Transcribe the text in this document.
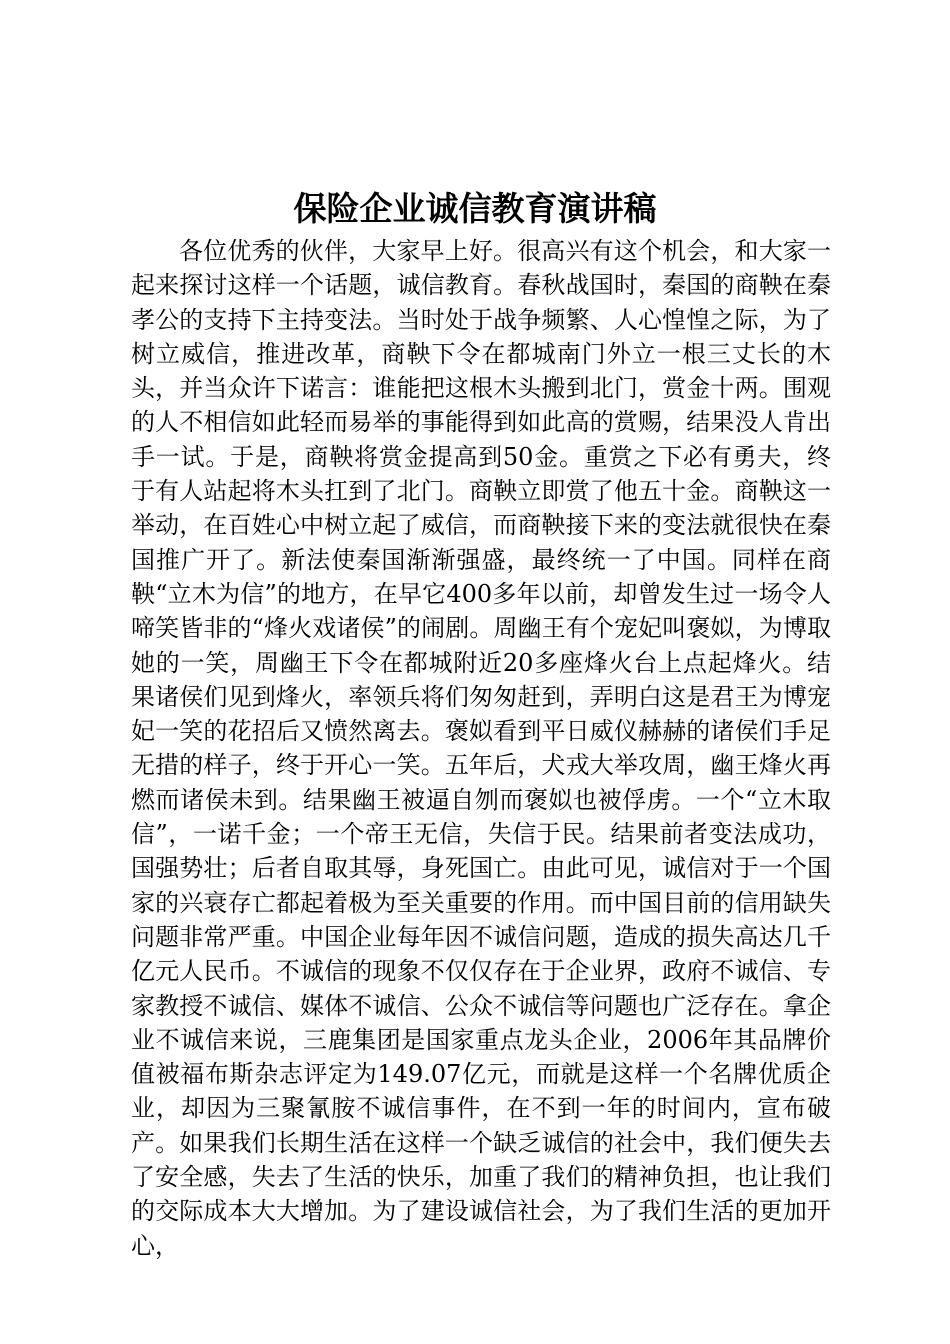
保险企业诚信教育演讲稿

各位优秀的伙伴，大家早上好。很高兴有这个机会，和大家一起来探讨这样一个话题，诚信教育。春秋战国时，秦国的商鞅在秦孝公的支持下主持变法。当时处于战争频繁、人心惶惶之际，为了树立威信，推进改革，商鞅下令在都城南门外立一根三丈长的木头，并当众许下诺言：谁能把这根木头搬到北门，赏金十两。围观的人不相信如此轻而易举的事能得到如此高的赏赐，结果没人肯出手一试。于是，商鞅将赏金提高到50金。重赏之下必有勇夫，终于有人站起将木头扛到了北门。商鞅立即赏了他五十金。商鞅这一举动，在百姓心中树立起了威信，而商鞅接下来的变法就很快在秦国推广开了。新法使秦国渐渐强盛，最终统一了中国。同样在商鞅“立木为信”的地方，在早它400多年以前，却曾发生过一场令人啼笑皆非的“烽火戏诸侯”的闹剧。周幽王有个宠妃叫褒姒，为博取她的一笑，周幽王下令在都城附近20多座烽火台上点起烽火。结果诸侯们见到烽火，率领兵将们匆匆赶到，弄明白这是君王为博宠妃一笑的花招后又愤然离去。褒姒看到平日威仪赫赫的诸侯们手足无措的样子，终于开心一笑。五年后，犬戎大举攻周，幽王烽火再燃而诸侯未到。结果幽王被逼自刎而褒姒也被俘虏。一个“立木取信”，一诺千金；一个帝王无信，失信于民。结果前者变法成功，国强势壮；后者自取其辱，身死国亡。由此可见，诚信对于一个国家的兴衰存亡都起着极为至关重要的作用。而中国目前的信用缺失问题非常严重。中国企业每年因不诚信问题，造成的损失高达几千亿元人民币。不诚信的现象不仅仅存在于企业界，政府不诚信、专家教授不诚信、媒体不诚信、公众不诚信等问题也广泛存在。拿企业不诚信来说，三鹿集团是国家重点龙头企业，2006年其品牌价值被福布斯杂志评定为149.07亿元，而就是这样一个名牌优质企业，却因为三聚氰胺不诚信事件，在不到一年的时间内，宣布破产。如果我们长期生活在这样一个缺乏诚信的社会中，我们便失去了安全感，失去了生活的快乐，加重了我们的精神负担，也让我们的交际成本大大增加。为了建设诚信社会，为了我们生活的更加开心，
